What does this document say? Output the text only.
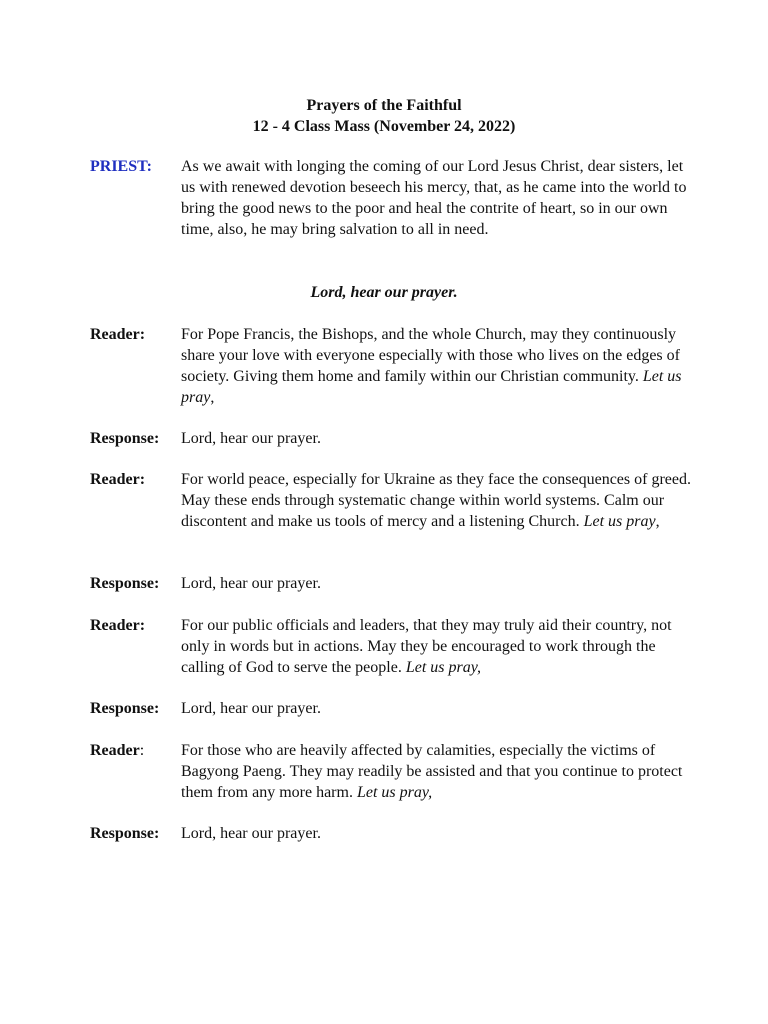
Prayers of the Faithful
12 - 4 Class Mass (November 24, 2022)
PRIEST: As we await with longing the coming of our Lord Jesus Christ, dear sisters, let us with renewed devotion beseech his mercy, that, as he came into the world to bring the good news to the poor and heal the contrite of heart, so in our own time, also, he may bring salvation to all in need.
Lord, hear our prayer.
Reader: For Pope Francis, the Bishops, and the whole Church, may they continuously share your love with everyone especially with those who lives on the edges of society. Giving them home and family within our Christian community. Let us pray,
Response: Lord, hear our prayer.
Reader: For world peace, especially for Ukraine as they face the consequences of greed. May these ends through systematic change within world systems. Calm our discontent and make us tools of mercy and a listening Church. Let us pray,
Response: Lord, hear our prayer.
Reader: For our public officials and leaders, that they may truly aid their country, not only in words but in actions. May they be encouraged to work through the calling of God to serve the people. Let us pray,
Response: Lord, hear our prayer.
Reader: For those who are heavily affected by calamities, especially the victims of Bagyong Paeng. They may readily be assisted and that you continue to protect them from any more harm. Let us pray,
Response: Lord, hear our prayer.
